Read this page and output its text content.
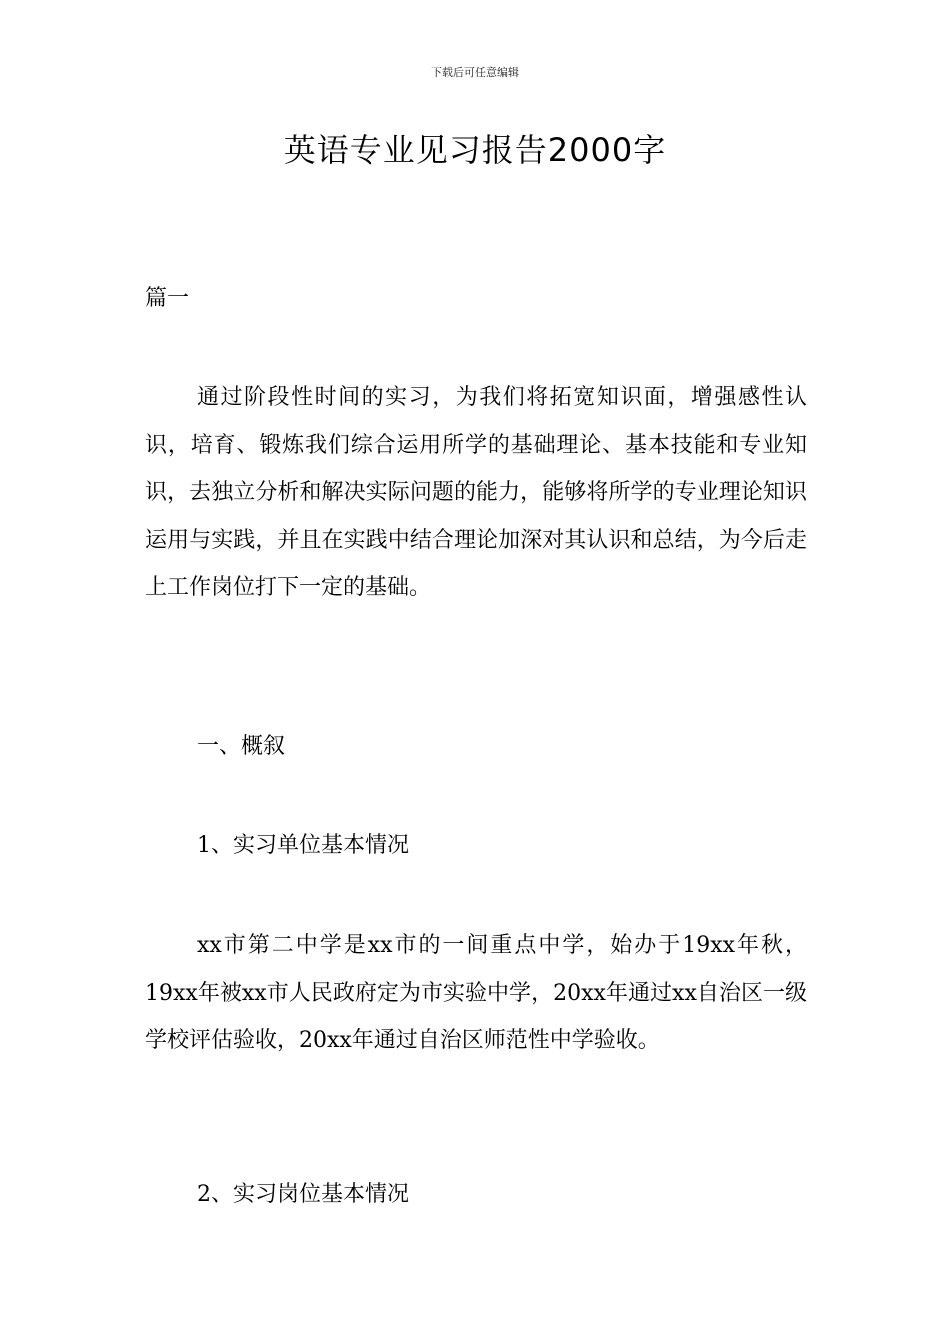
下载后可任意编辑
英语专业见习报告2000字
篇一

通过阶段性时间的实习，为我们将拓宽知识面，增强感性认识，培育、锻炼我们综合运用所学的基础理论、基本技能和专业知识，去独立分析和解决实际问题的能力，能够将所学的专业理论知识运用与实践，并且在实践中结合理论加深对其认识和总结，为今后走上工作岗位打下一定的基础。

一、概叙
1、实习单位基本情况

xx市第二中学是xx市的一间重点中学，始办于19xx年秋，19xx年被xx市人民政府定为市实验中学，20xx年通过xx自治区一级学校评估验收，20xx年通过自治区师范性中学验收。

2、实习岗位基本情况
